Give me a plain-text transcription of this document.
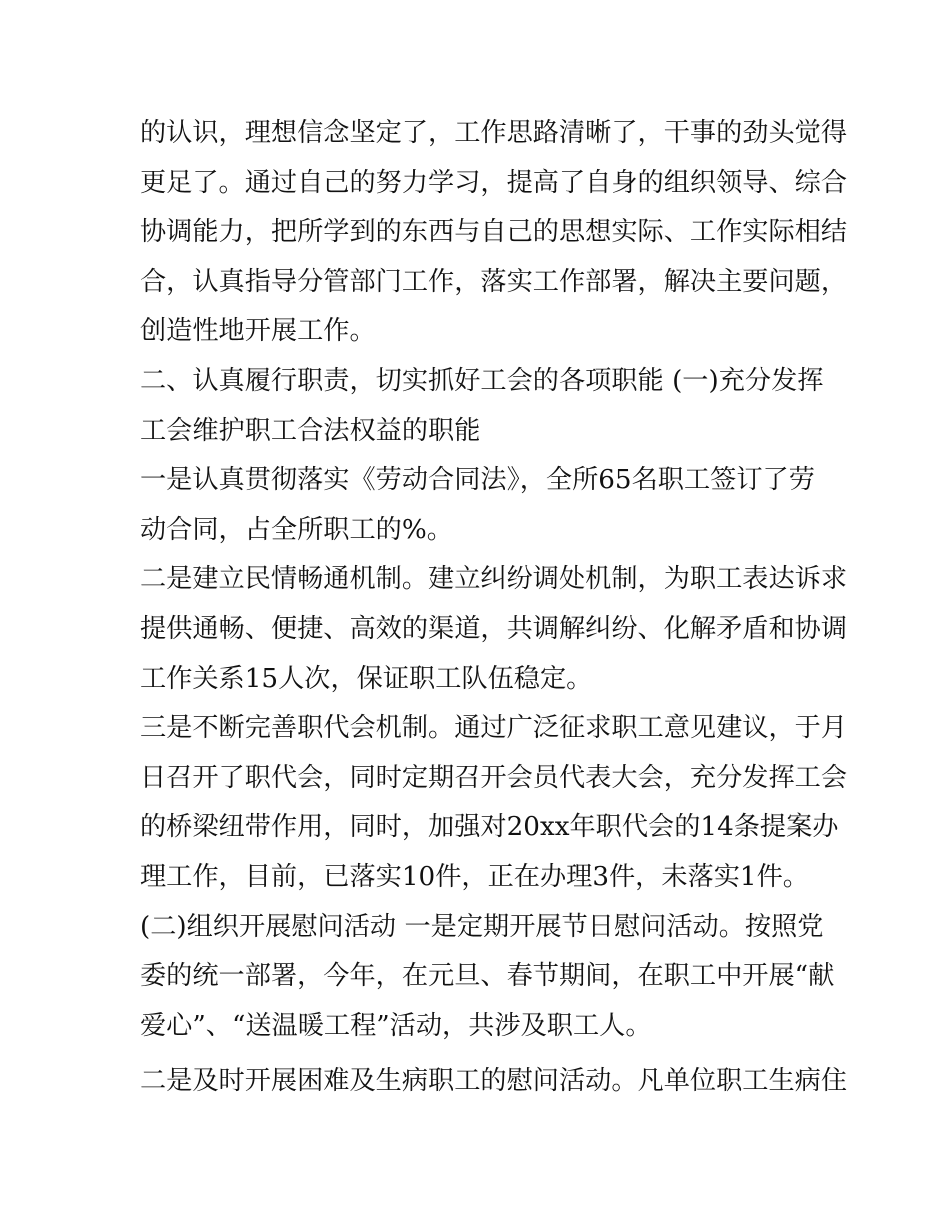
的认识，理想信念坚定了，工作思路清晰了，干事的劲头觉得
更足了。通过自己的努力学习，提高了自身的组织领导、综合
协调能力，把所学到的东西与自己的思想实际、工作实际相结
合，认真指导分管部门工作，落实工作部署，解决主要问题，
创造性地开展工作。
二、认真履行职责，切实抓好工会的各项职能 (一)充分发挥
工会维护职工合法权益的职能
一是认真贯彻落实《劳动合同法》，全所65名职工签订了劳
动合同，占全所职工的%。
二是建立民情畅通机制。建立纠纷调处机制，为职工表达诉求
提供通畅、便捷、高效的渠道，共调解纠纷、化解矛盾和协调
工作关系15人次，保证职工队伍稳定。
三是不断完善职代会机制。通过广泛征求职工意见建议，于月
日召开了职代会，同时定期召开会员代表大会，充分发挥工会
的桥梁纽带作用，同时，加强对20xx年职代会的14条提案办
理工作，目前，已落实10件，正在办理3件，未落实1件。
(二)组织开展慰问活动 一是定期开展节日慰问活动。按照党
委的统一部署，今年，在元旦、春节期间，在职工中开展“献
爱心”、“送温暖工程”活动，共涉及职工人。
二是及时开展困难及生病职工的慰问活动。凡单位职工生病住
